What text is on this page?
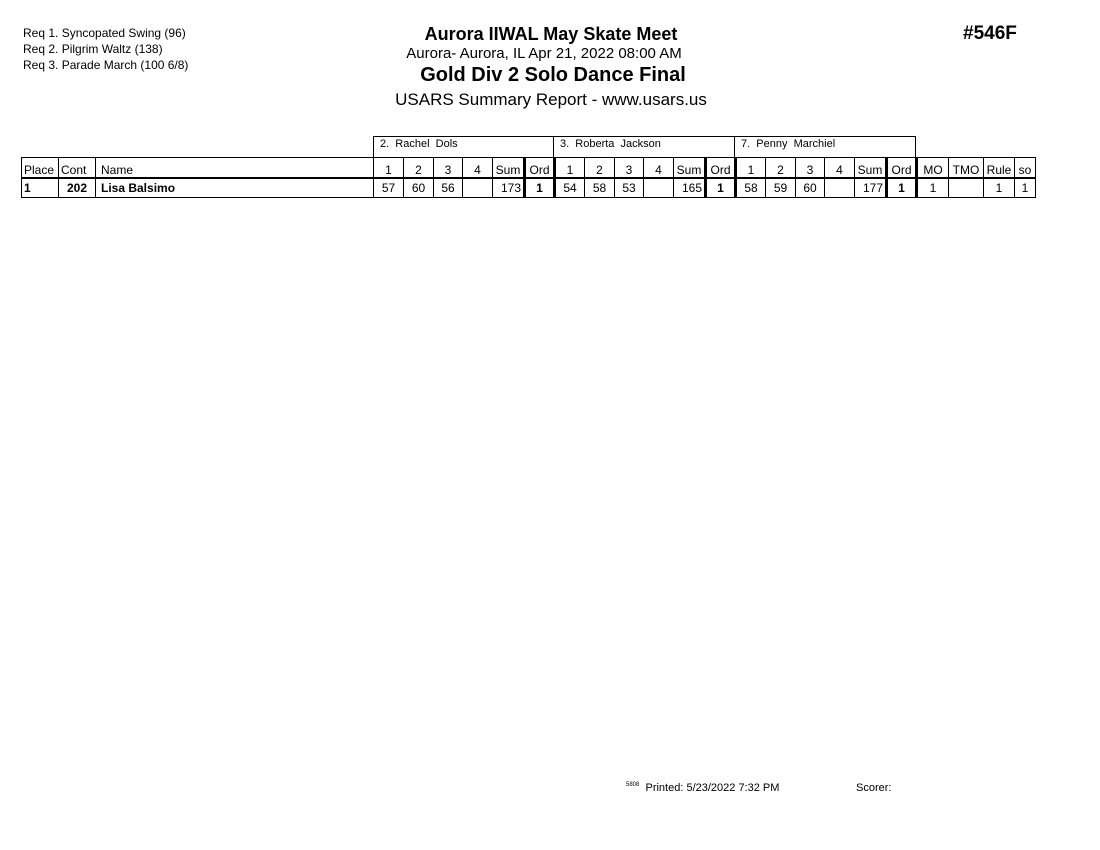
Req 1. Syncopated Swing (96)
Req 2. Pilgrim Waltz (138)
Req 3. Parade March (100 6/8)
Aurora IIWAL May Skate Meet
Aurora- Aurora, IL Apr 21, 2022 08:00 AM
Gold Div 2 Solo Dance Final
USARS Summary Report - www.usars.us
#546F
2.  Rachel  Dols	3.  Roberta  Jackson	7.  Penny  Marchiel
Place	Cont	Name	1	2	3	4	Sum	Ord	1	2	3	4	Sum	Ord	1	2	3	4	Sum	Ord	MO	TMO	Rule	so
1	202	Lisa Balsimo	57	60	56		173	1	54	58	53		165	1	58	59	60		177	1	1		1	1
$^{5808}$ Printed: 5/23/2022 7:32 PM	Scorer:
